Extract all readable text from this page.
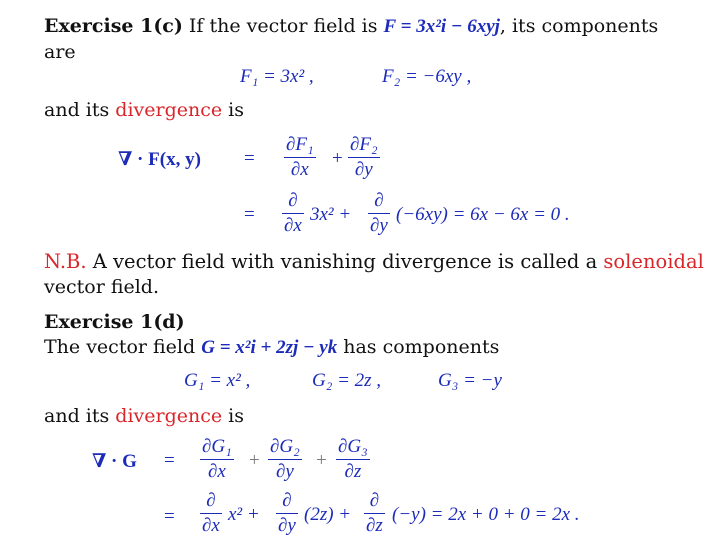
Exercise 1(c) If the vector field is F = 3x²i − 6xyj, its components
are
F₁ = 3x² ,	F₂ = −6xy ,
and its divergence is
∇ · F(x, y) =
∂F₁
∂x
+
∂F₂
∂y
=
∂
∂x
3x² +
∂
∂y
(−6xy) = 6x − 6x = 0 .
N.B. A vector field with vanishing divergence is called a solenoidal
vector field.
Exercise 1(d)
The vector field G = x²i + 2zj − yk has components
G₁ = x² ,	G₂ = 2z ,	G₃ = −y
and its divergence is
∇ · G =
∂G₁
∂x
+
∂G₂
∂y
+
∂G₃
∂z
=
∂
∂x
x² +
∂
∂y
(2z) +
∂
∂z
(−y) = 2x + 0 + 0 = 2x .
